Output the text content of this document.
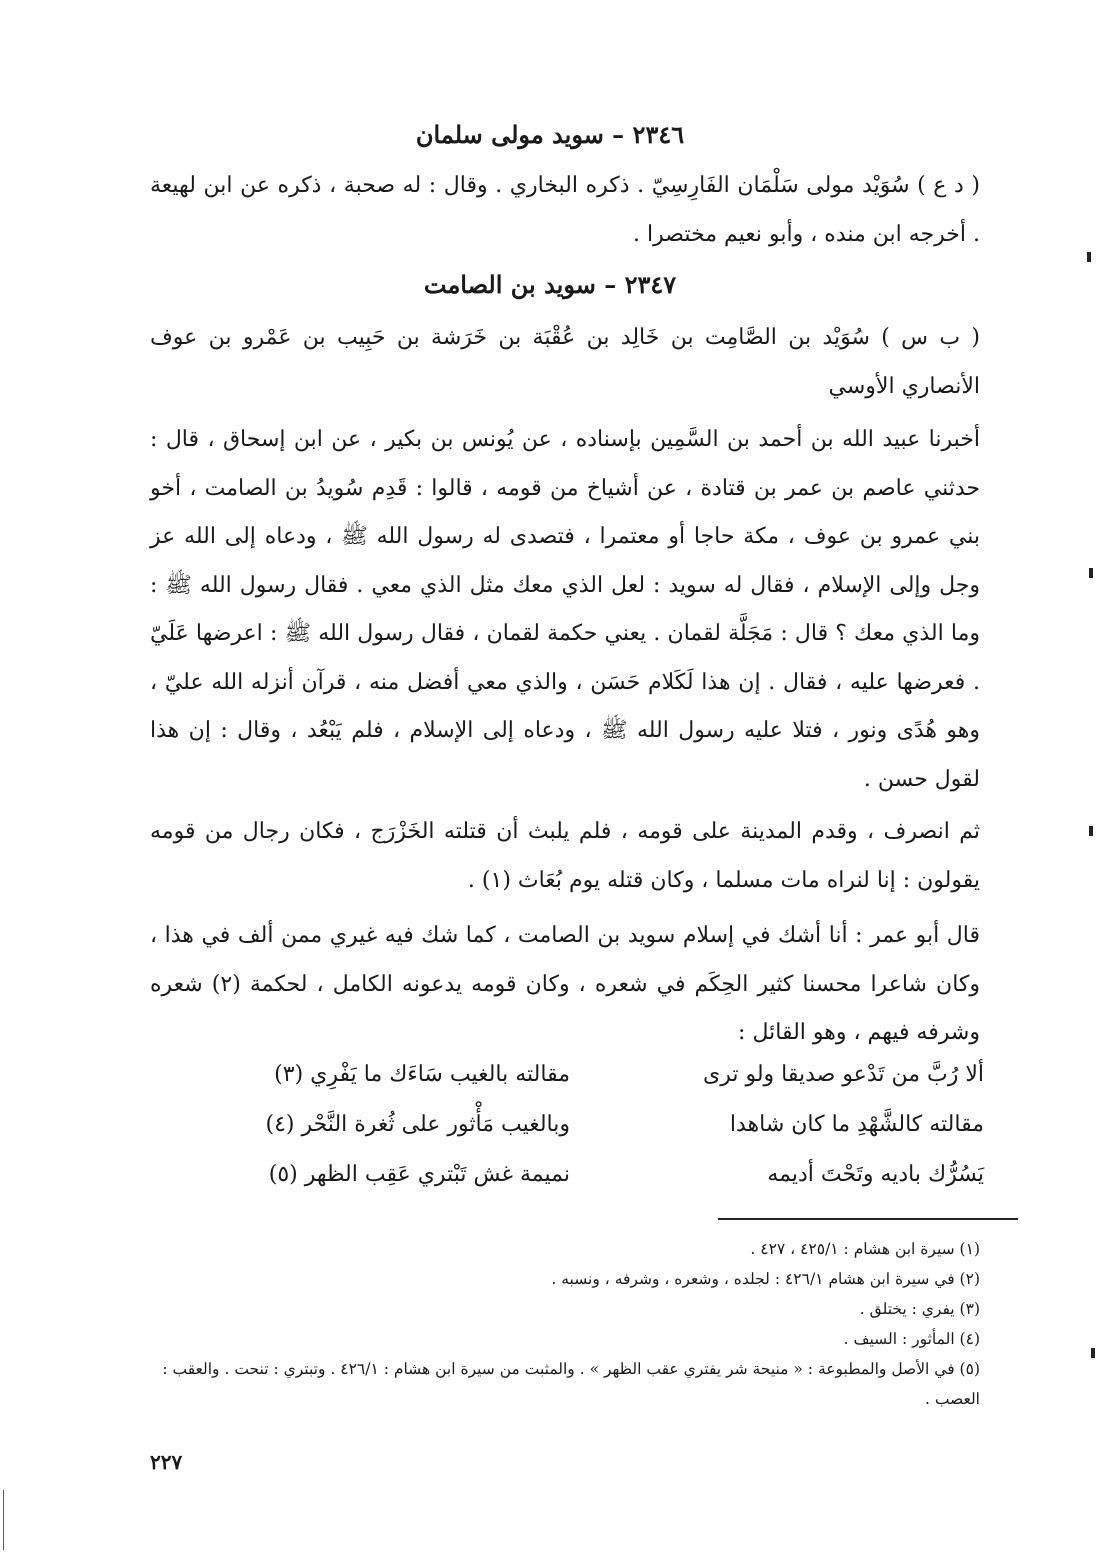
٢٣٤٦ – سويد مولى سلمان
( د ع ) سُوَيْد مولى سَلْمَان الفَارِسِيّ . ذكره البخاري . وقال : له صحبة ، ذكره عن ابن لهيعة . أخرجه ابن منده ، وأبو نعيم مختصرا .
٢٣٤٧ – سويد بن الصامت
( ب س ) سُوَيْد بن الصَّامِت بن خَالِد بن عُقْبَة بن خَرَشة بن حَبِيب بن عَمْرو بن عوف الأنصاري الأوسي
أخبرنا عبيد الله بن أحمد بن السَّمِين بإسناده ، عن يُونس بن بكير ، عن ابن إسحاق ، قال : حدثني عاصم بن عمر بن قتادة ، عن أشياخ من قومه ، قالوا : قَدِم سُويدُ بن الصامت ، أخو بني عمرو بن عوف ، مكة حاجا أو معتمرا ، فتصدى له رسول الله ﷺ ، ودعاه إلى الله عز وجل وإلى الإسلام ، فقال له سويد : لعل الذي معك مثل الذي معي . فقال رسول الله ﷺ : وما الذي معك ؟ قال : مَجَلَّة لقمان . يعني حكمة لقمان ، فقال رسول الله ﷺ : اعرضها عَلَيّ . فعرضها عليه ، فقال . إن هذا لَكَلام حَسَن ، والذي معي أفضل منه ، قرآن أنزله الله عليّ ، وهو هُدًى ونور ، فتلا عليه رسول الله ﷺ ، ودعاه إلى الإسلام ، فلم يَبْعُد ، وقال : إن هذا لقول حسن .
ثم انصرف ، وقدم المدينة على قومه ، فلم يلبث أن قتلته الخَزْرَج ، فكان رجال من قومه يقولون : إنا لنراه مات مسلما ، وكان قتله يوم بُعَاث (١) .
قال أبو عمر : أنا أشك في إسلام سويد بن الصامت ، كما شك فيه غيري ممن ألف في هذا ، وكان شاعرا محسنا كثير الحِكَم في شعره ، وكان قومه يدعونه الكامل ، لحكمة (٢) شعره وشرفه فيهم ، وهو القائل :
ألا رُبَّ من تَدْعو صديقا ولو ترى  مقالته بالغيب سَاءَك ما يَفْرِي (٣)
مقالته كالشَّهْدِ ما كان شاهدا  وبالغيب مَأْثور على ثُغرة النَّحْر (٤)
يَسُرُّك باديه وتَحْتَ أديمه  نميمة غش تَبْتري عَقِب الظهر (٥)
(١) سيرة ابن هشام : ٤٢٥/١ ، ٤٢٧ .
(٢) في سيرة ابن هشام ٤٢٦/١ : لجلده ، وشعره ، وشرفه ، ونسبه .
(٣) يفري : يختلق .
(٤) المأثور : السيف .
(٥) في الأصل والمطبوعة : « منيحة شر يفتري عقب الظهر » . والمثبت من سيرة ابن هشام : ٤٢٦/١ . وتبتري : تنحت . والعقب : العصب .
٢٢٧
